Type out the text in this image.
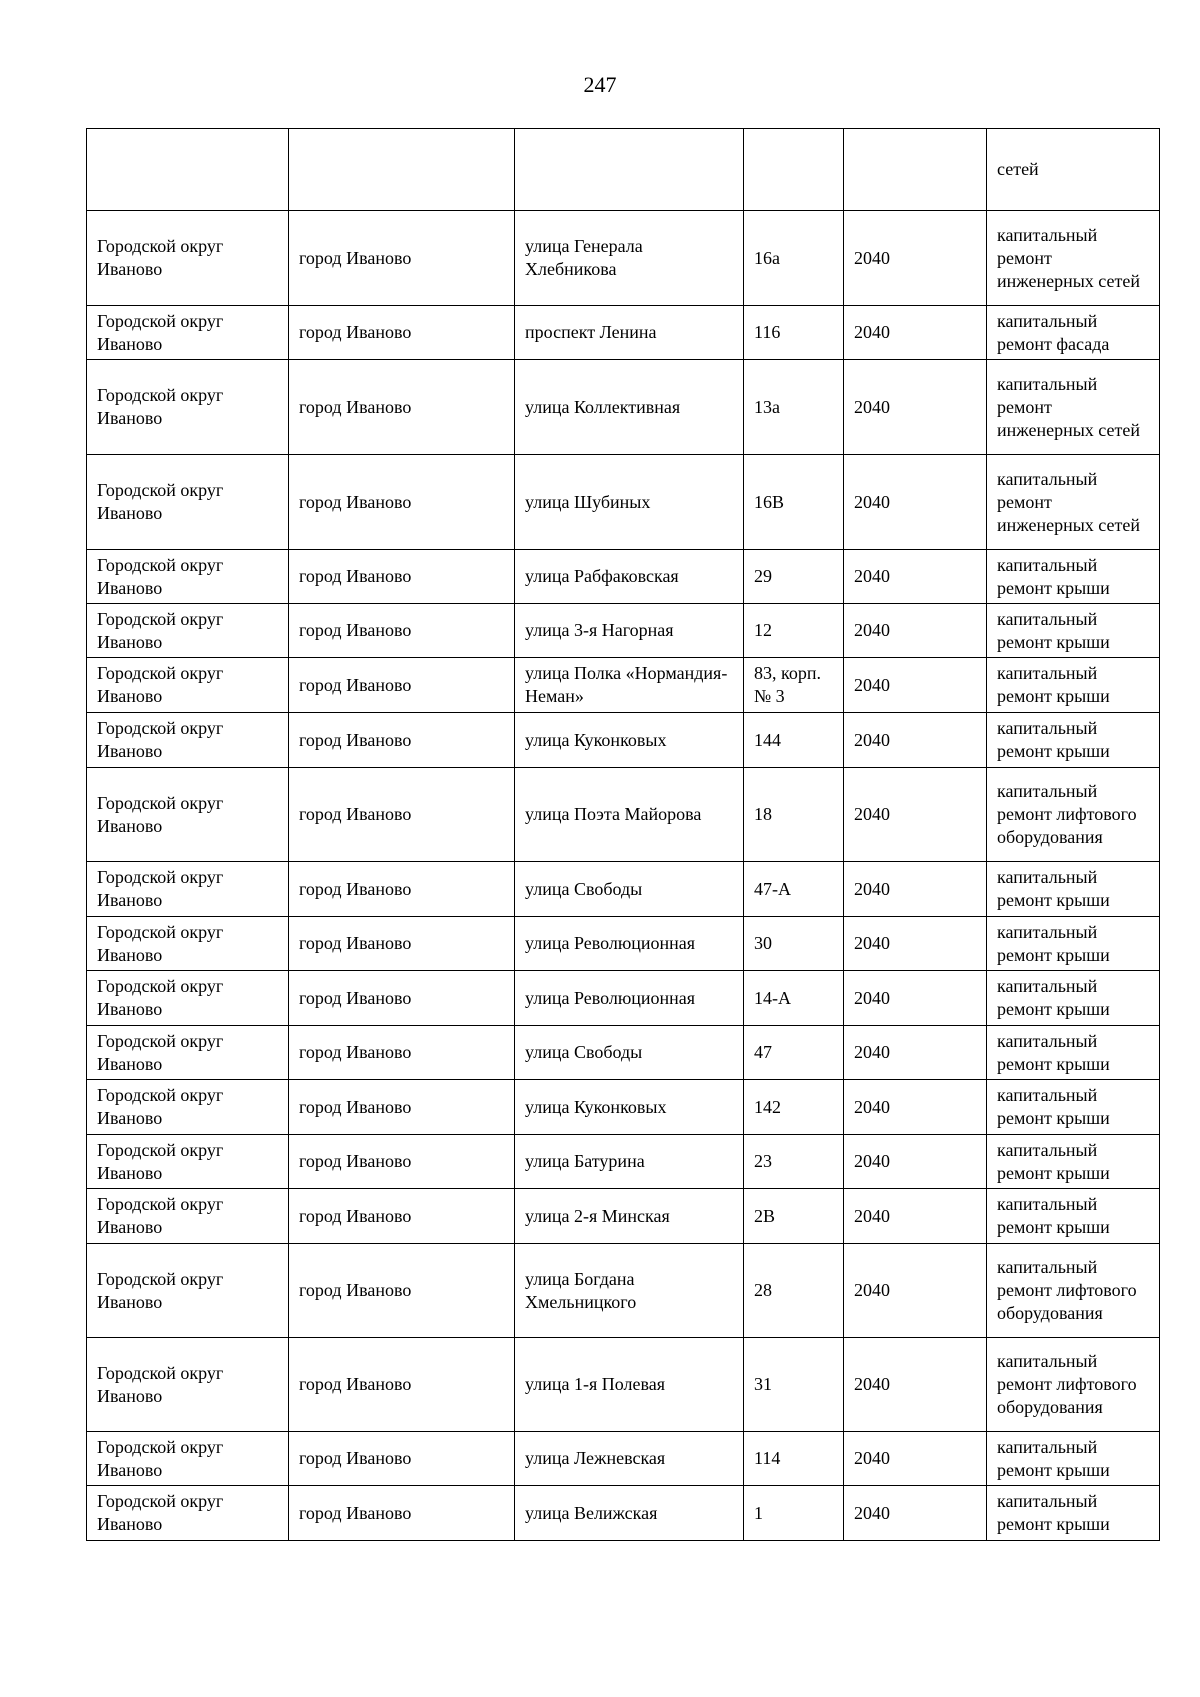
247
					сетей
Городской округ Иваново	город Иваново	улица Генерала Хлебникова	16а	2040	капитальный ремонт инженерных сетей
Городской округ Иваново	город Иваново	проспект Ленина	116	2040	капитальный ремонт фасада
Городской округ Иваново	город Иваново	улица Коллективная	13а	2040	капитальный ремонт инженерных сетей
Городской округ Иваново	город Иваново	улица Шубиных	16В	2040	капитальный ремонт инженерных сетей
Городской округ Иваново	город Иваново	улица Рабфаковская	29	2040	капитальный ремонт крыши
Городской округ Иваново	город Иваново	улица 3-я Нагорная	12	2040	капитальный ремонт крыши
Городской округ Иваново	город Иваново	улица Полка «Нормандия-Неман»	83, корп. № 3	2040	капитальный ремонт крыши
Городской округ Иваново	город Иваново	улица Куконковых	144	2040	капитальный ремонт крыши
Городской округ Иваново	город Иваново	улица Поэта Майорова	18	2040	капитальный ремонт лифтового оборудования
Городской округ Иваново	город Иваново	улица Свободы	47-А	2040	капитальный ремонт крыши
Городской округ Иваново	город Иваново	улица Революционная	30	2040	капитальный ремонт крыши
Городской округ Иваново	город Иваново	улица Революционная	14-А	2040	капитальный ремонт крыши
Городской округ Иваново	город Иваново	улица Свободы	47	2040	капитальный ремонт крыши
Городской округ Иваново	город Иваново	улица Куконковых	142	2040	капитальный ремонт крыши
Городской округ Иваново	город Иваново	улица Батурина	23	2040	капитальный ремонт крыши
Городской округ Иваново	город Иваново	улица 2-я Минская	2В	2040	капитальный ремонт крыши
Городской округ Иваново	город Иваново	улица Богдана Хмельницкого	28	2040	капитальный ремонт лифтового оборудования
Городской округ Иваново	город Иваново	улица 1-я Полевая	31	2040	капитальный ремонт лифтового оборудования
Городской округ Иваново	город Иваново	улица Лежневская	114	2040	капитальный ремонт крыши
Городской округ Иваново	город Иваново	улица Велижская	1	2040	капитальный ремонт крыши
